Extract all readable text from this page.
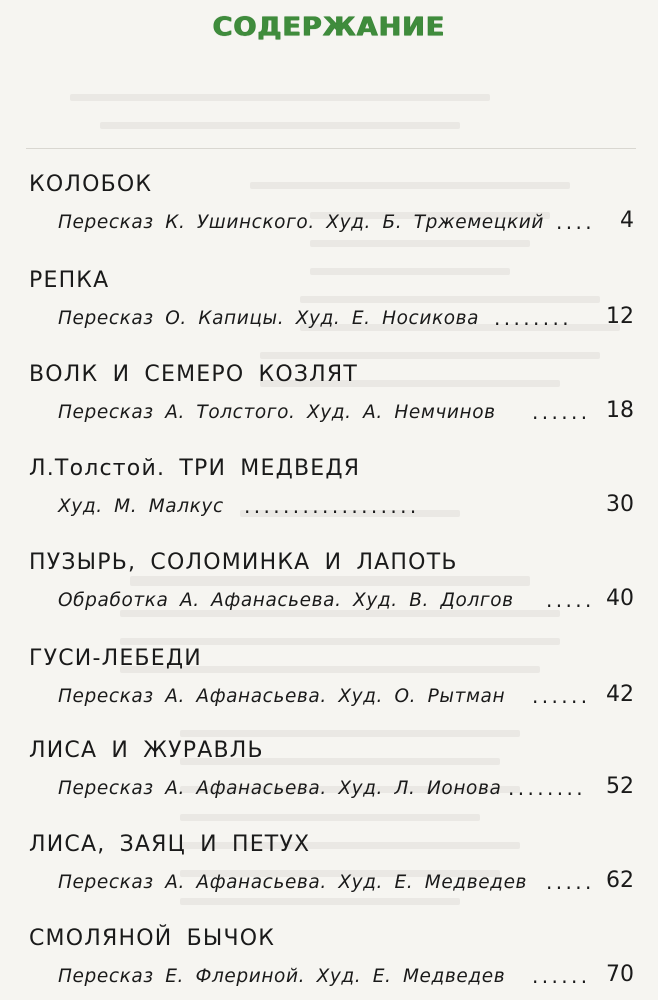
СОДЕРЖАНИЕ
КОЛОБОК
Пересказ К. Ушинского. Худ. Б. Тржемецкий .... 4
РЕПКА
Пересказ О. Капицы. Худ. Е. Носикова ........ 12
ВОЛК И СЕМЕРО КОЗЛЯТ
Пересказ А. Толстого. Худ. А. Немчинов ...... 18
Л.Толстой. ТРИ МЕДВЕДЯ
Худ. М. Малкус ..................	30
ПУЗЫРЬ, СОЛОМИНКА И ЛАПОТЬ
Обработка А. Афанасьева. Худ. В. Долгов ..... 40
ГУСИ-ЛЕБЕДИ
Пересказ А. Афанасьева. Худ. О. Рытман ...... 42
ЛИСА И ЖУРАВЛЬ
Пересказ А. Афанасьева. Худ. Л. Ионова ........ 52
ЛИСА, ЗАЯЦ И ПЕТУХ
Пересказ А. Афанасьева. Худ. Е. Медведев ..... 62
СМОЛЯНОЙ БЫЧОК
Пересказ Е. Флериной. Худ. Е. Медведев ...... 70
